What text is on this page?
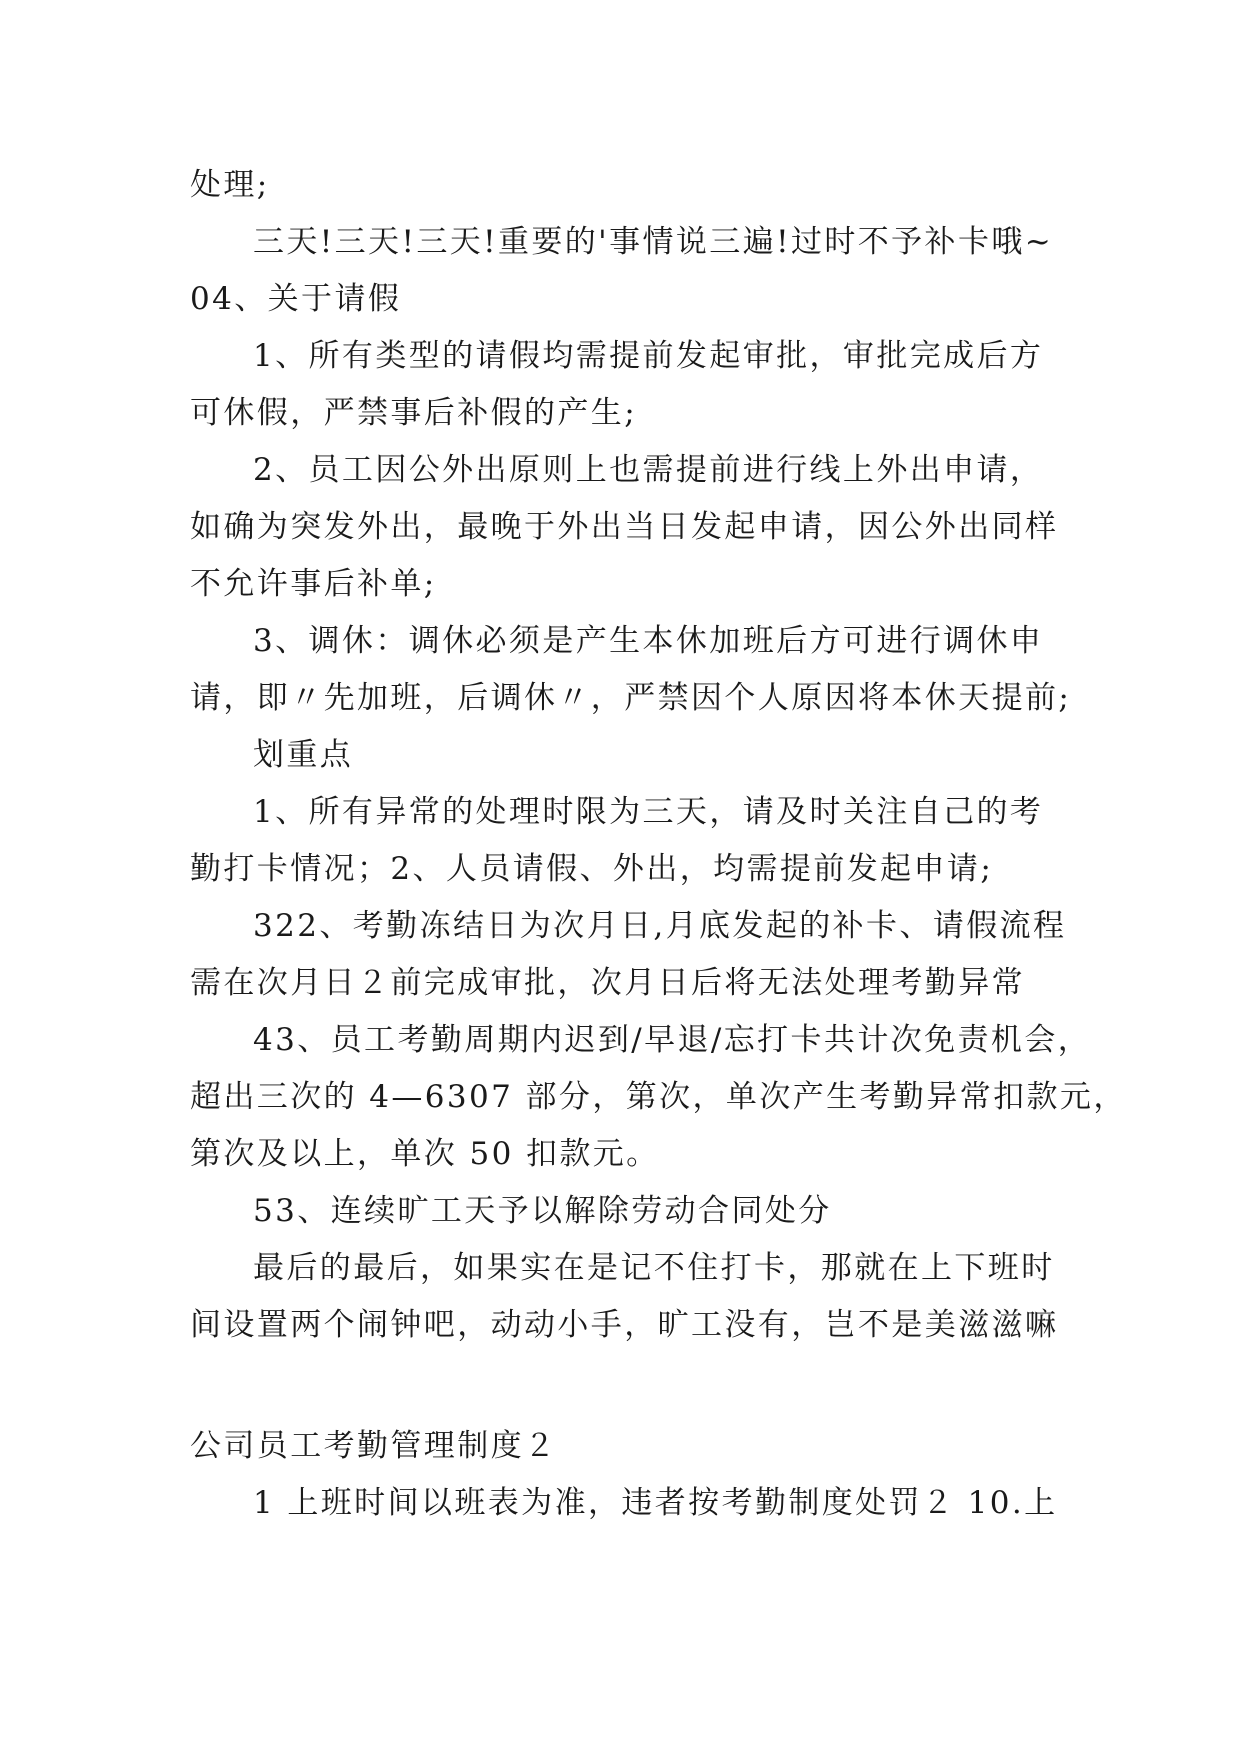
处理;
三天!三天!三天!重要的'事情说三遍!过时不予补卡哦~
04、关于请假
1、所有类型的请假均需提前发起审批，审批完成后方
可休假，严禁事后补假的产生;
2、员工因公外出原则上也需提前进行线上外出申请，
如确为突发外出，最晚于外出当日发起申请，因公外出同样
不允许事后补单;
3、调休：调休必须是产生本休加班后方可进行调休申
请，即〃先加班，后调休〃，严禁因个人原因将本休天提前;
划重点
1、所有异常的处理时限为三天，请及时关注自己的考
勤打卡情况；2、人员请假、外出，均需提前发起申请;
322、考勤冻结日为次月日,月底发起的补卡、请假流程
需在次月日２前完成审批，次月日后将无法处理考勤异常
43、员工考勤周期内迟到/早退/忘打卡共计次免责机会，
超出三次的 4—6307 部分，第次，单次产生考勤异常扣款元，
第次及以上，单次 50 扣款元。
53、连续旷工天予以解除劳动合同处分
最后的最后，如果实在是记不住打卡，那就在上下班时
间设置两个闹钟吧，动动小手，旷工没有，岂不是美滋滋嘛
公司员工考勤管理制度２
1 上班时间以班表为准，违者按考勤制度处罚２ 10.上
